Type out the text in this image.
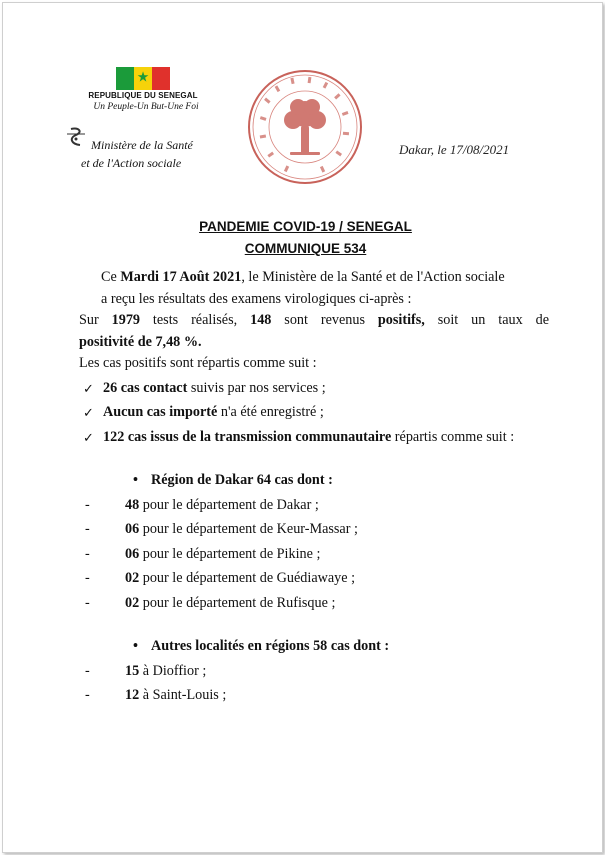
★
REPUBLIQUE DU SENEGAL
Un Peuple-Un But-Une Foi
Ministère de la Santé
et de l'Action sociale
Dakar, le 17/08/2021
PANDEMIE COVID-19 / SENEGAL
COMMUNIQUE 534

Ce Mardi 17 Août 2021, le Ministère de la Santé et de l'Action sociale

a reçu les résultats des examens virologiques ci-après :

Sur 1979 tests réalisés, 148 sont revenus positifs, soit un taux de

positivité de 7,48 %.

Les cas positifs sont répartis comme suit :

✓ 26 cas contact suivis par nos services ;
✓ Aucun cas importé n'a été enregistré ;
✓ 122 cas issus de la transmission communautaire répartis comme suit :
• Région de Dakar 64 cas dont :
- 48 pour le département de Dakar ;
- 06 pour le département de Keur-Massar ;
- 06 pour le département de Pikine ;
- 02 pour le département de Guédiawaye ;
- 02 pour le département de Rufisque ;
• Autres localités en régions 58 cas dont :
- 15 à Dioffior ;
- 12 à Saint-Louis ;
